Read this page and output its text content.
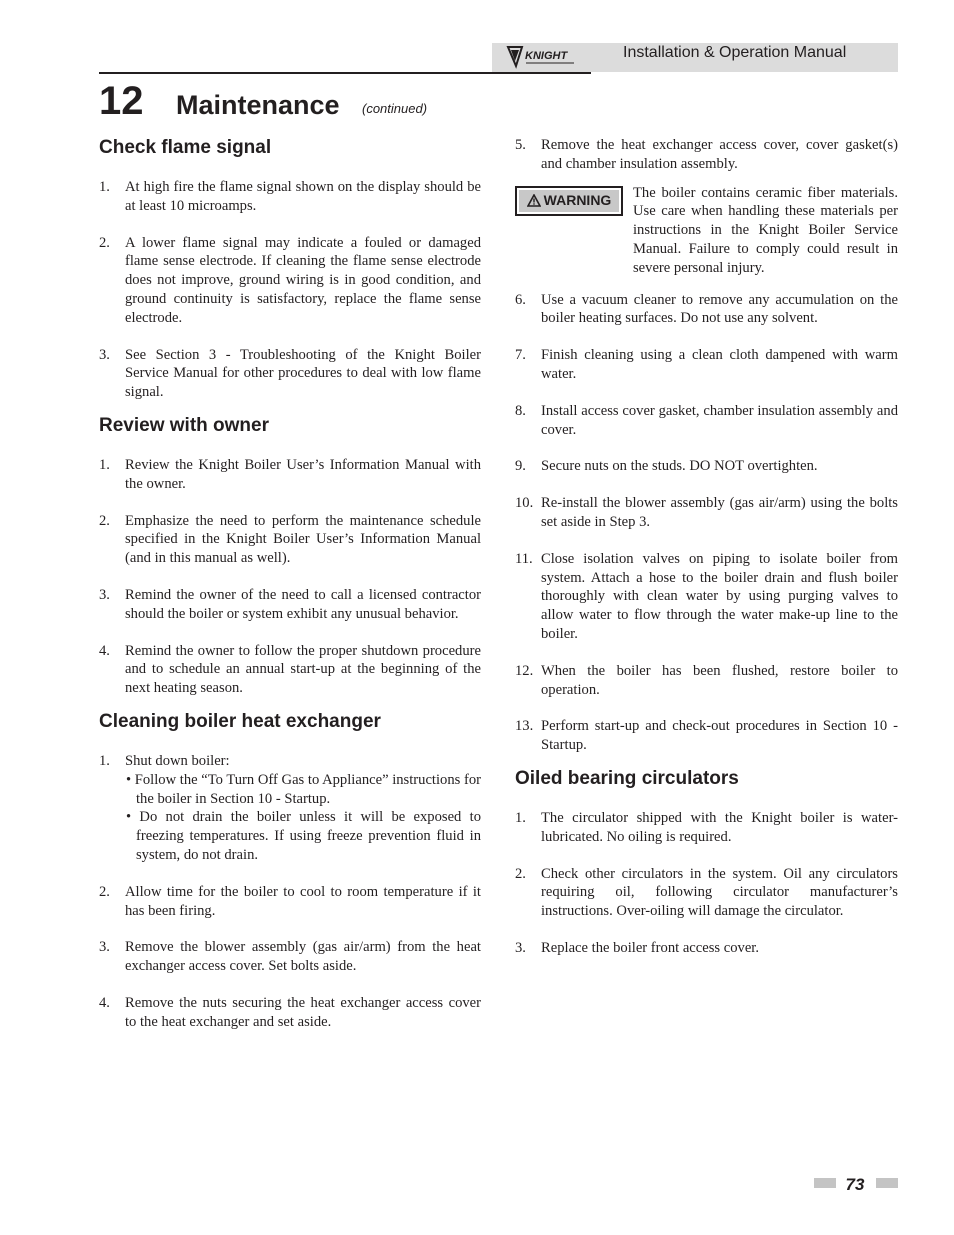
KNIGHT	Installation & Operation Manual
12 Maintenance (continued)
Check flame signal
1. At high fire the flame signal shown on the display should be at least 10 microamps.
2. A lower flame signal may indicate a fouled or damaged flame sense electrode. If cleaning the flame sense electrode does not improve, ground wiring is in good condition, and ground continuity is satisfactory, replace the flame sense electrode.
3. See Section 3 - Troubleshooting of the Knight Boiler Service Manual for other procedures to deal with low flame signal.
Review with owner
1. Review the Knight Boiler User’s Information Manual with the owner.
2. Emphasize the need to perform the maintenance schedule specified in the Knight Boiler User’s Information Manual (and in this manual as well).
3. Remind the owner of the need to call a licensed contractor should the boiler or system exhibit any unusual behavior.
4. Remind the owner to follow the proper shutdown procedure and to schedule an annual start-up at the beginning of the next heating season.
Cleaning boiler heat exchanger
1. Shut down boiler:
• Follow the “To Turn Off Gas to Appliance” instructions for the boiler in Section 10 - Startup.
• Do not drain the boiler unless it will be exposed to freezing temperatures. If using freeze prevention fluid in system, do not drain.
2. Allow time for the boiler to cool to room temperature if it has been firing.
3. Remove the blower assembly (gas air/arm) from the heat exchanger access cover. Set bolts aside.
4. Remove the nuts securing the heat exchanger access cover to the heat exchanger and set aside.
5. Remove the heat exchanger access cover, cover gasket(s) and chamber insulation assembly.
WARNING The boiler contains ceramic fiber materials. Use care when handling these materials per instructions in the Knight Boiler Service Manual. Failure to comply could result in severe personal injury.
6. Use a vacuum cleaner to remove any accumulation on the boiler heating surfaces. Do not use any solvent.
7. Finish cleaning using a clean cloth dampened with warm water.
8. Install access cover gasket, chamber insulation assembly and cover.
9. Secure nuts on the studs. DO NOT overtighten.
10. Re-install the blower assembly (gas air/arm) using the bolts set aside in Step 3.
11. Close isolation valves on piping to isolate boiler from system. Attach a hose to the boiler drain and flush boiler thoroughly with clean water by using purging valves to allow water to flow through the water make-up line to the boiler.
12. When the boiler has been flushed, restore boiler to operation.
13. Perform start-up and check-out procedures in Section 10 - Startup.
Oiled bearing circulators
1. The circulator shipped with the Knight boiler is water-lubricated. No oiling is required.
2. Check other circulators in the system. Oil any circulators requiring oil, following circulator manufacturer’s instructions. Over-oiling will damage the circulator.
3. Replace the boiler front access cover.
73
